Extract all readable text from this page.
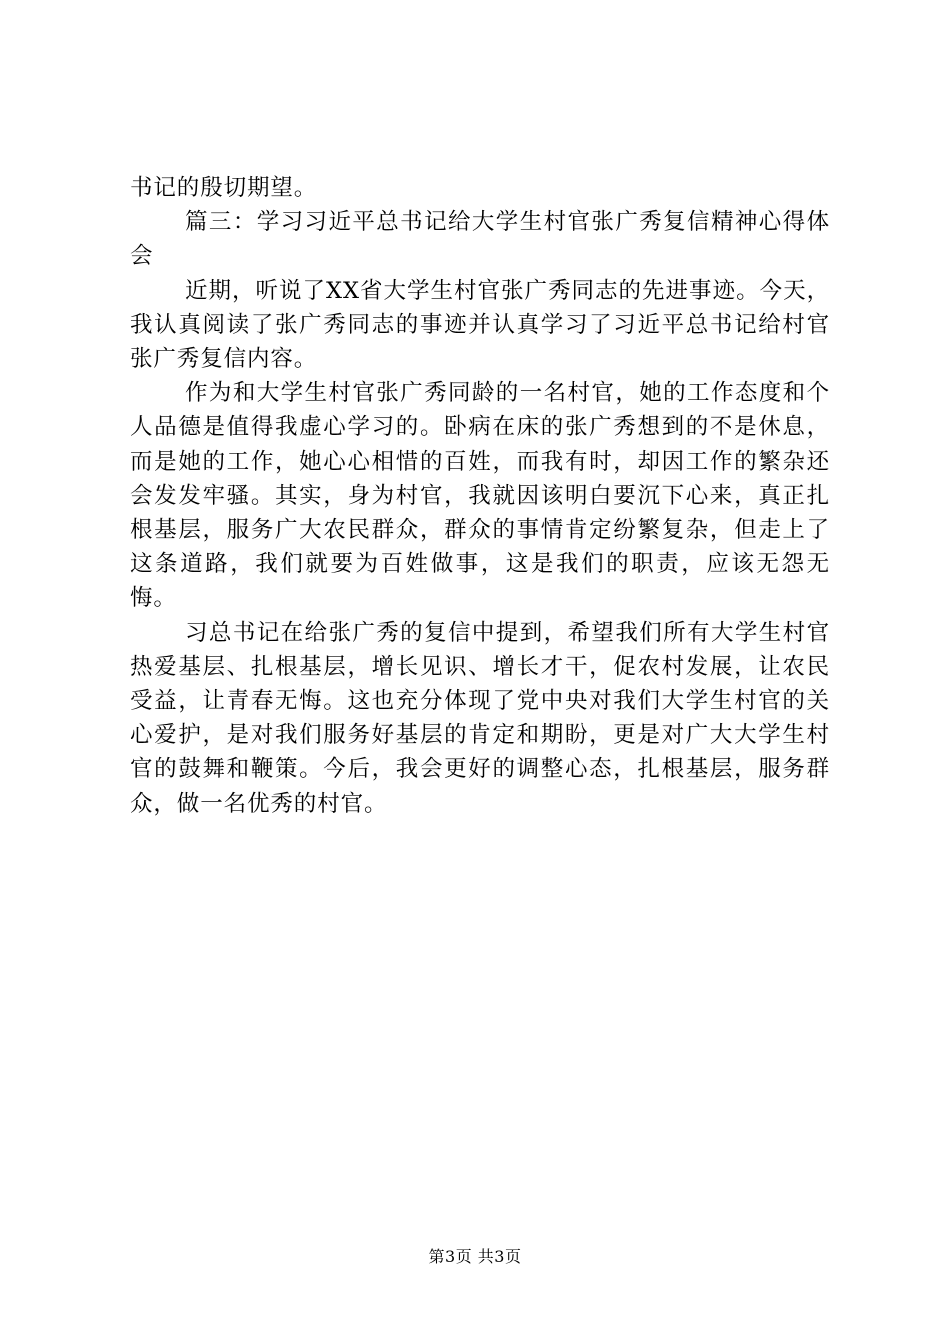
书记的殷切期望。

篇三：学习习近平总书记给大学生村官张广秀复信精神心得体会

近期，听说了XX省大学生村官张广秀同志的先进事迹。今天，我认真阅读了张广秀同志的事迹并认真学习了习近平总书记给村官张广秀复信内容。

作为和大学生村官张广秀同龄的一名村官，她的工作态度和个人品德是值得我虚心学习的。卧病在床的张广秀想到的不是休息，而是她的工作，她心心相惜的百姓，而我有时，却因工作的繁杂还会发发牢骚。其实，身为村官，我就因该明白要沉下心来，真正扎根基层，服务广大农民群众，群众的事情肯定纷繁复杂，但走上了这条道路，我们就要为百姓做事，这是我们的职责，应该无怨无悔。

习总书记在给张广秀的复信中提到，希望我们所有大学生村官热爱基层、扎根基层，增长见识、增长才干，促农村发展，让农民受益，让青春无悔。这也充分体现了党中央对我们大学生村官的关心爱护，是对我们服务好基层的肯定和期盼，更是对广大大学生村官的鼓舞和鞭策。今后，我会更好的调整心态，扎根基层，服务群众，做一名优秀的村官。

第3页 共3页
